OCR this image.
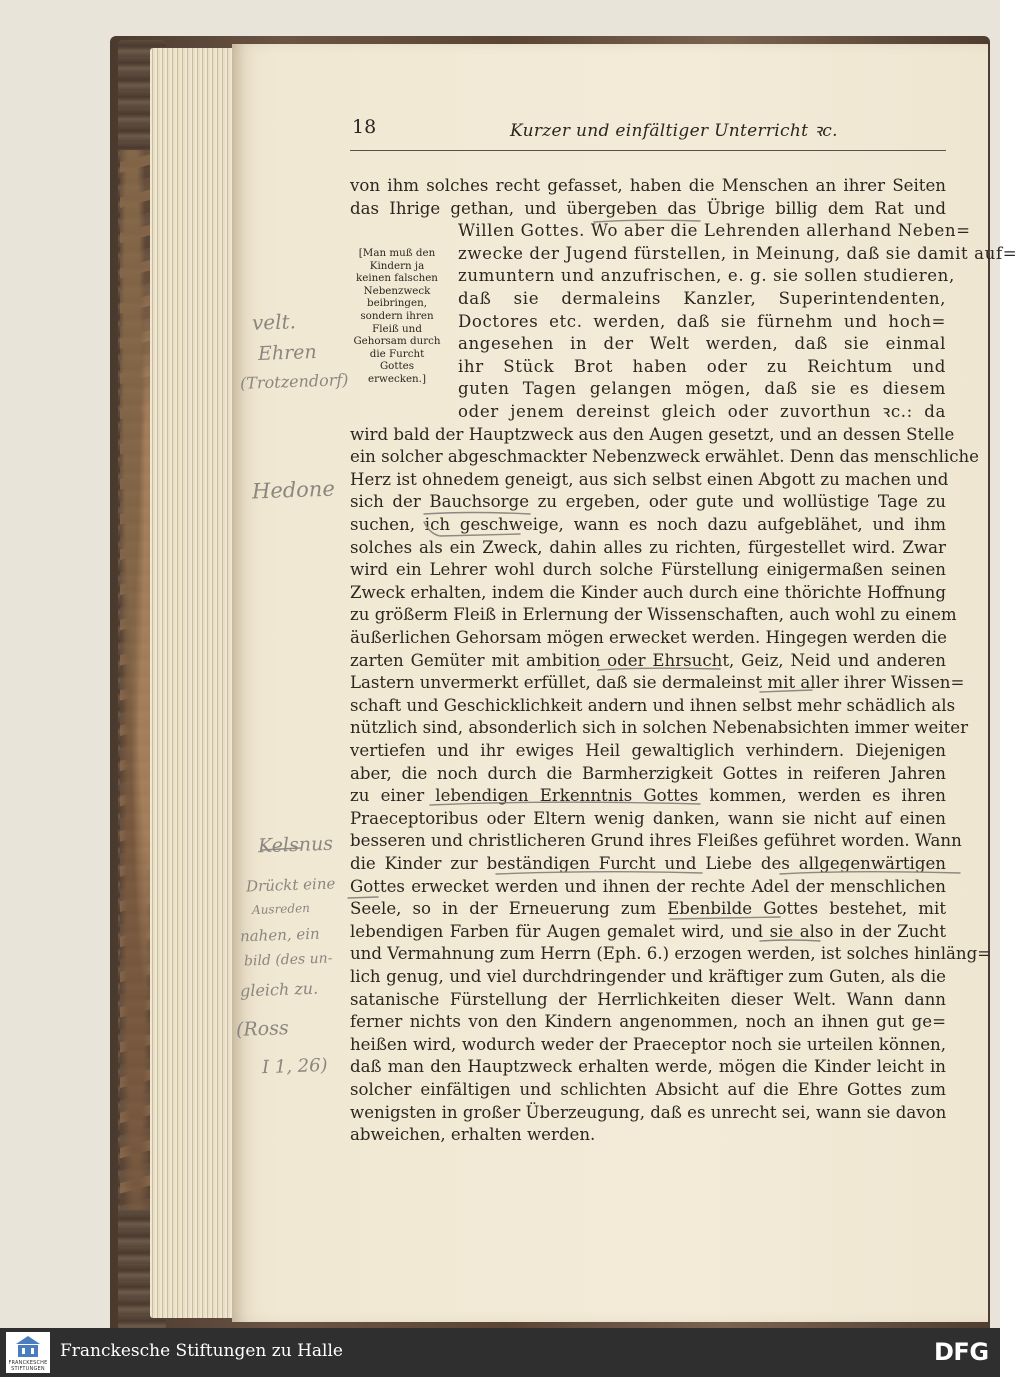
18	Kurzer und einfältiger Unterricht ꝛc.
[Man muß den
Kindern ja
keinen falschen
Nebenzweck
beibringen,
sondern ihren
Fleiß und
Gehorsam durch
die Furcht
Gottes
erwecken.]
von ihm solches recht gefasset, haben die Menschen an ihrer Seiten
das Ihrige gethan, und übergeben das Übrige billig dem Rat und
Willen Gottes. Wo aber die Lehrenden allerhand Neben=
zwecke der Jugend fürstellen, in Meinung, daß sie damit auf=
zumuntern und anzufrischen, e. g. sie sollen studieren,
daß sie dermaleins Kanzler, Superintendenten,
Doctores etc. werden, daß sie fürnehm und hoch=
angesehen in der Welt werden, daß sie einmal
ihr Stück Brot haben oder zu Reichtum und
guten Tagen gelangen mögen, daß sie es diesem
oder jenem dereinst gleich oder zuvorthun ꝛc.: da
wird bald der Hauptzweck aus den Augen gesetzt, und an dessen Stelle
ein solcher abgeschmackter Nebenzweck erwählet. Denn das menschliche
Herz ist ohnedem geneigt, aus sich selbst einen Abgott zu machen und
sich der Bauchsorge zu ergeben, oder gute und wollüstige Tage zu
suchen, ich geschweige, wann es noch dazu aufgeblähet, und ihm
solches als ein Zweck, dahin alles zu richten, fürgestellet wird. Zwar
wird ein Lehrer wohl durch solche Fürstellung einigermaßen seinen
Zweck erhalten, indem die Kinder auch durch eine thörichte Hoffnung
zu größerm Fleiß in Erlernung der Wissenschaften, auch wohl zu einem
äußerlichen Gehorsam mögen erwecket werden. Hingegen werden die
zarten Gemüter mit ambition oder Ehrsucht, Geiz, Neid und anderen
Lastern unvermerkt erfüllet, daß sie dermaleinst mit aller ihrer Wissen=
schaft und Geschicklichkeit andern und ihnen selbst mehr schädlich als
nützlich sind, absonderlich sich in solchen Nebenabsichten immer weiter
vertiefen und ihr ewiges Heil gewaltiglich verhindern. Diejenigen
aber, die noch durch die Barmherzigkeit Gottes in reiferen Jahren
zu einer lebendigen Erkenntnis Gottes kommen, werden es ihren
Praeceptoribus oder Eltern wenig danken, wann sie nicht auf einen
besseren und christlicheren Grund ihres Fleißes geführet worden. Wann
die Kinder zur beständigen Furcht und Liebe des allgegenwärtigen
Gottes erwecket werden und ihnen der rechte Adel der menschlichen
Seele, so in der Erneuerung zum Ebenbilde Gottes bestehet, mit
lebendigen Farben für Augen gemalet wird, und sie also in der Zucht
und Vermahnung zum Herrn (Eph. 6.) erzogen werden, ist solches hinläng=
lich genug, und viel durchdringender und kräftiger zum Guten, als die
satanische Fürstellung der Herrlichkeiten dieser Welt. Wann dann
ferner nichts von den Kindern angenommen, noch an ihnen gut ge=
heißen wird, wodurch weder der Praeceptor noch sie urteilen können,
daß man den Hauptzweck erhalten werde, mögen die Kinder leicht in
solcher einfältigen und schlichten Absicht auf die Ehre Gottes zum
wenigsten in großer Überzeugung, daß es unrecht sei, wann sie davon
abweichen, erhalten werden.
velt.
Ehren
(Trotzendorf)
Hedone
Kelsnus
Drückt eine
Ausreden
nahen, ein
bild (des un-
gleich zu.
(Ross
I 1, 26)

FRANCKESCHE STIFTUNGEN
Franckesche Stiftungen zu Halle	DFG
